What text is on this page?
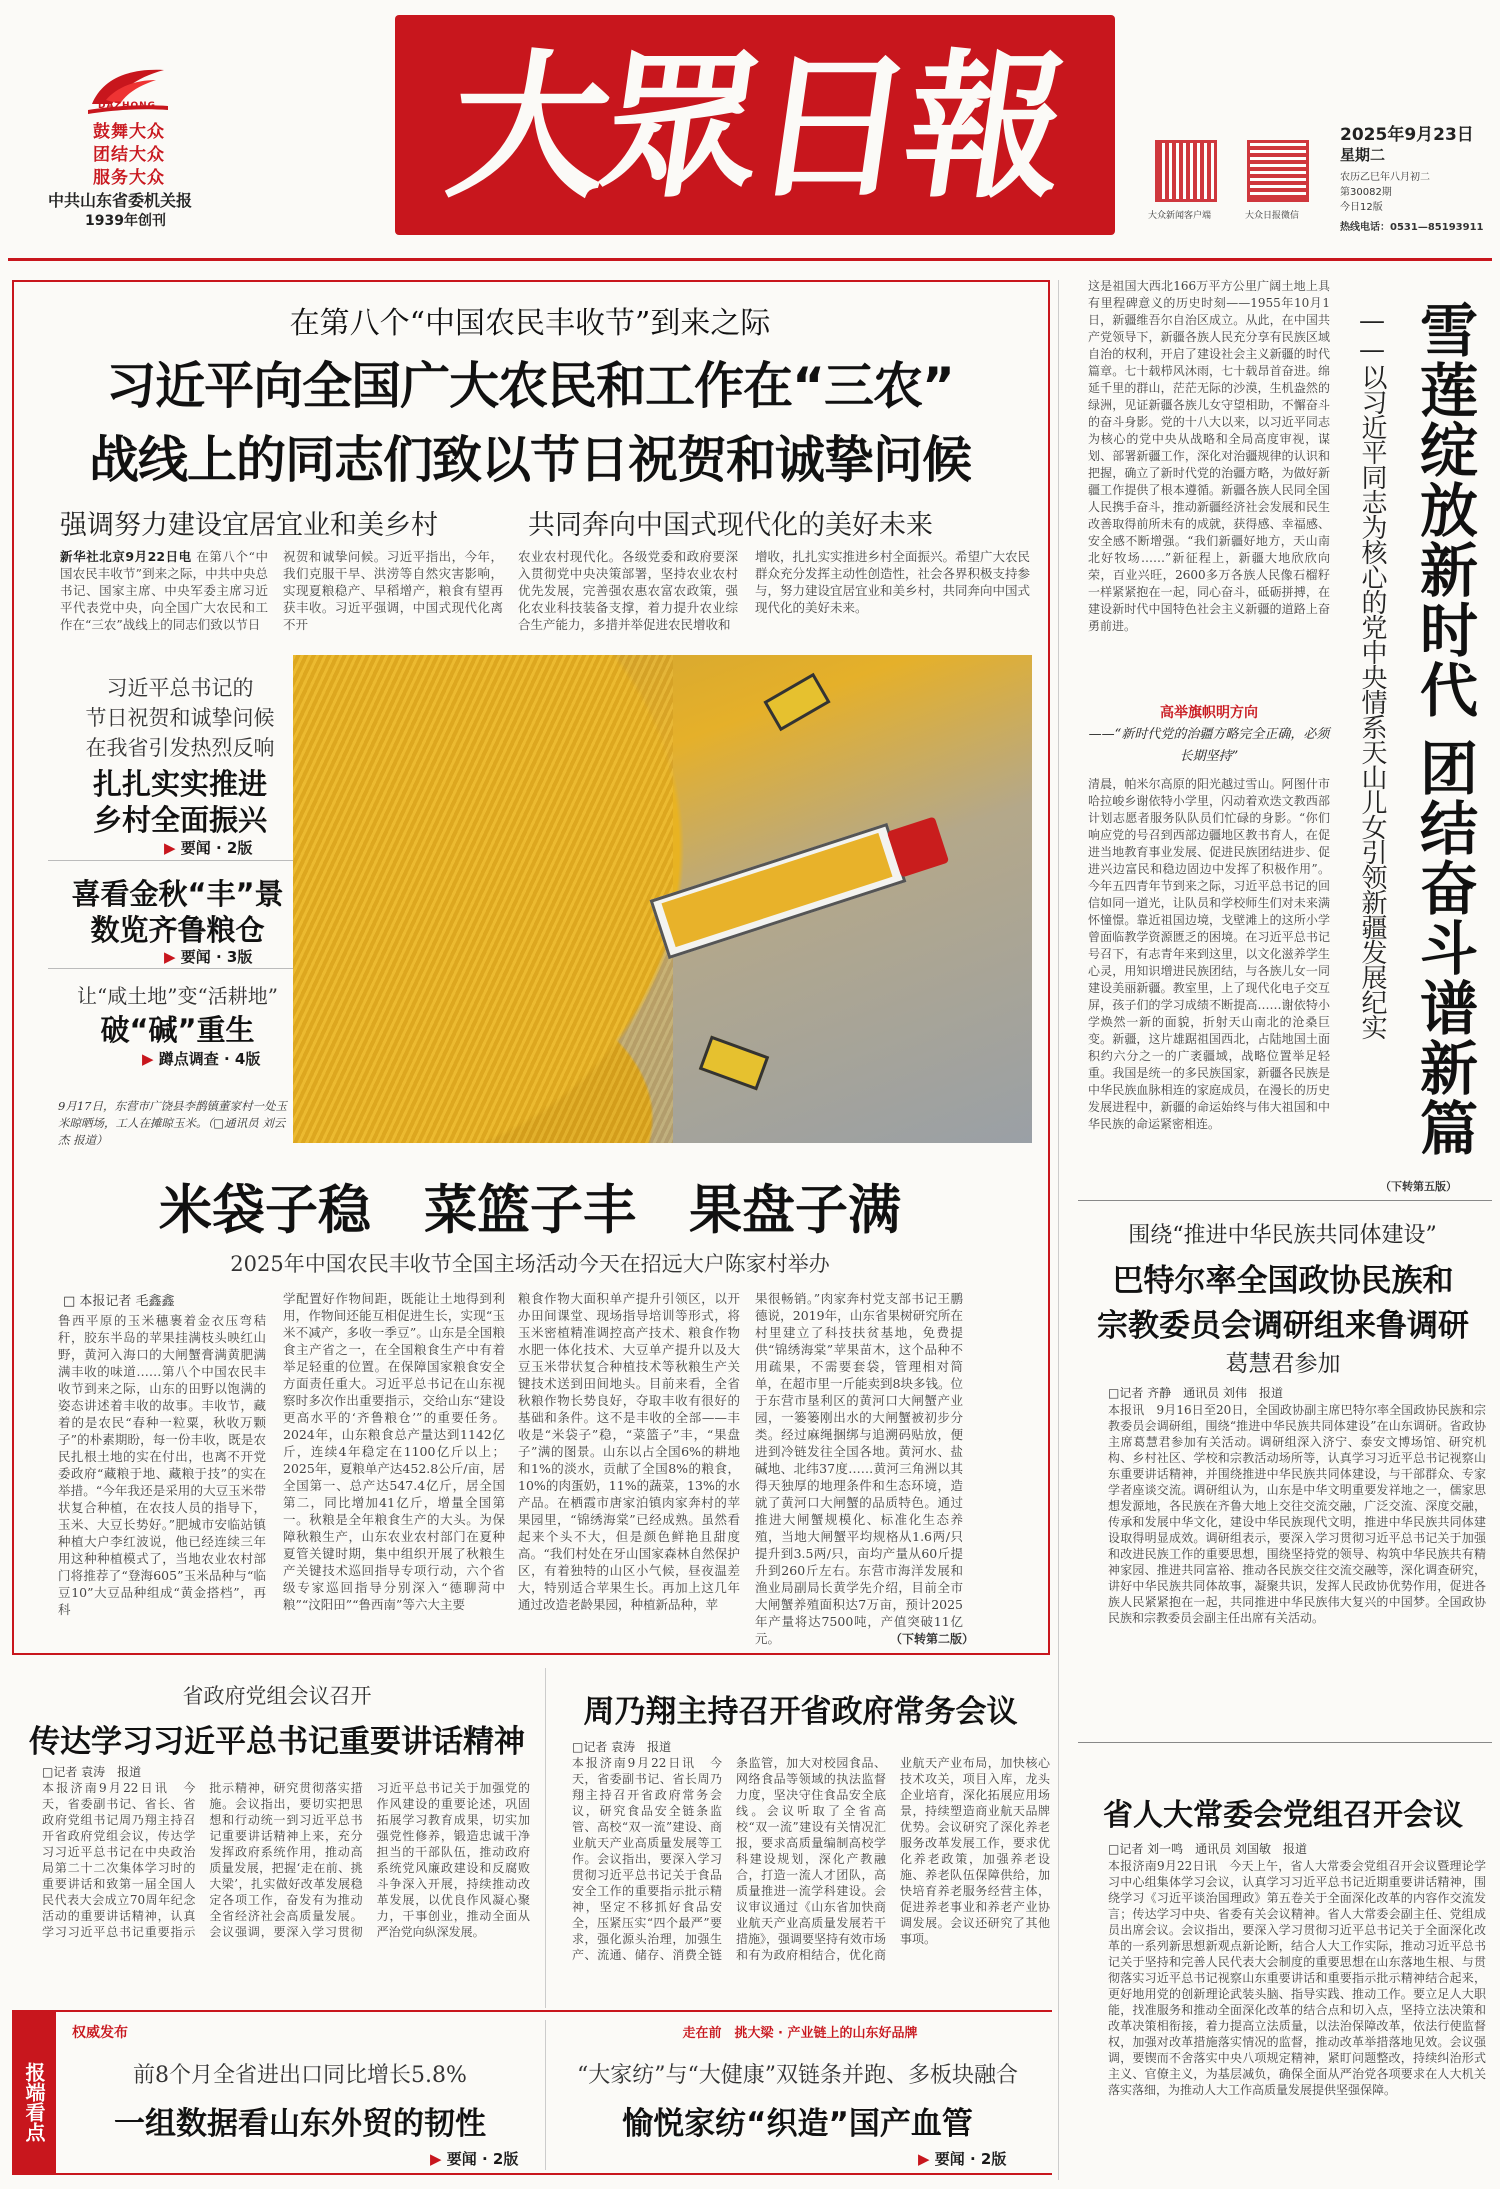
DAZHONG
鼓舞大众
团结大众
服务大众
中共山东省委机关报
1939年创刊
大眾日報	大众新闻客户端	大众日报微信
2025年9月23日
星期二
农历乙巳年八月初二
第30082期
今日12版
热线电话：0531—85193911
在第八个“中国农民丰收节”到来之际
习近平向全国广大农民和工作在“三农”
战线上的同志们致以节日祝贺和诚挚问候
强调努力建设宜居宜业和美乡村	共同奔向中国式现代化的美好未来
新华社北京9月22日电 在第八个“中国农民丰收节”到来之际，中共中央总书记、国家主席、中央军委主席习近平代表党中央，向全国广大农民和工作在“三农”战线上的同志们致以节日
祝贺和诚挚问候。习近平指出，今年，我们克服干旱、洪涝等自然灾害影响，实现夏粮稳产、早稻增产，粮食有望再获丰收。习近平强调，中国式现代化离不开
农业农村现代化。各级党委和政府要深入贯彻党中央决策部署，坚持农业农村优先发展，完善强农惠农富农政策，强化农业科技装备支撑，着力提升农业综合生产能力，多措并举促进农民增收和
增收，扎扎实实推进乡村全面振兴。希望广大农民群众充分发挥主动性创造性，社会各界积极支持参与，努力建设宜居宜业和美乡村，共同奔向中国式现代化的美好未来。
习近平总书记的
节日祝贺和诚挚问候
在我省引发热烈反响
扎扎实实推进
乡村全面振兴
▶ 要闻 · 2版
喜看金秋“丰”景
数览齐鲁粮仓
▶ 要闻 · 3版
让“咸土地”变“活耕地”
破“碱”重生
▶ 蹲点调查 · 4版
9月17日，东营市广饶县李鹊镇董家村一处玉米晾晒场，工人在摊晾玉米。（□通讯员 刘云杰 报道）
米袋子稳　菜篮子丰　果盘子满
2025年中国农民丰收节全国主场活动今天在招远大户陈家村举办
□ 本报记者 毛鑫鑫
鲁西平原的玉米穗裹着金衣压弯秸秆，胶东半岛的苹果挂满枝头映红山野，黄河入海口的大闸蟹膏满黄肥满满丰收的味道……第八个中国农民丰收节到来之际，山东的田野以饱满的姿态讲述着丰收的故事。丰收节，藏着的是农民“春种一粒粟，秋收万颗子”的朴素期盼，每一份丰收，既是农民扎根土地的实在付出，也离不开党委政府“藏粮于地、藏粮于技”的实在举措。“今年我还是采用的大豆玉米带状复合种植，在农技人员的指导下，玉米、大豆长势好。”肥城市安临站镇种植大户李红波说，他已经连续三年用这种种植模式了，当地农业农村部门将推荐了“登海605”玉米品种与“临豆10”大豆品种组成“黄金搭档”，再科
学配置好作物间距，既能让土地得到利用，作物间还能互相促进生长，实现“玉米不减产，多收一季豆”。山东是全国粮食主产省之一，在全国粮食生产中有着举足轻重的位置。在保障国家粮食安全方面责任重大。习近平总书记在山东视察时多次作出重要指示，交给山东“建设更高水平的‘齐鲁粮仓’”的重要任务。2024年，山东粮食总产量达到1142亿斤，连续4年稳定在1100亿斤以上；2025年，夏粮单产达452.8公斤/亩，居全国第一、总产达547.4亿斤，居全国第二，同比增加41亿斤，增量全国第一。秋粮是全年粮食生产的大头。为保障秋粮生产，山东农业农村部门在夏种夏管关键时期，集中组织开展了秋粮生产关键技术巡回指导专项行动，六个省级专家巡回指导分别深入“德聊菏中粮”“汶阳田”“鲁西南”等六大主要
粮食作物大面积单产提升引领区，以开办田间课堂、现场指导培训等形式，将玉米密植精准调控高产技术、粮食作物水肥一体化技术、大豆单产提升以及大豆玉米带状复合种植技术等秋粮生产关键技术送到田间地头。目前来看，全省秋粮作物长势良好，夺取丰收有很好的基础和条件。这不是丰收的全部——丰收是“米袋子”稳，“菜篮子”丰，“果盘子”满的图景。山东以占全国6%的耕地和1%的淡水，贡献了全国8%的粮食，10%的肉蛋奶，11%的蔬菜，13%的水产品。在栖霞市唐家泊镇肉家奔村的苹果园里，“锦绣海棠”已经成熟。虽然看起来个头不大，但是颜色鲜艳且甜度高。“我们村处在牙山国家森林自然保护区，有着独特的山区小气候，昼夜温差大，特别适合苹果生长。再加上这几年通过改造老龄果园，种植新品种，苹
果很畅销。”肉家奔村党支部书记王鹏德说，2019年，山东省果树研究所在村里建立了科技扶贫基地，免费提供“锦绣海棠”苹果苗木，这个品种不用疏果，不需要套袋，管理相对简单，在超市里一斤能卖到8块多钱。位于东营市垦利区的黄河口大闸蟹产业园，一篓篓刚出水的大闸蟹被初步分类。经过麻绳捆绑与追溯码贴放，便进到冷链发往全国各地。黄河水、盐碱地、北纬37度……黄河三角洲以其得天独厚的地理条件和生态环境，造就了黄河口大闸蟹的品质特色。通过推进大闸蟹规模化、标准化生态养殖，当地大闸蟹平均规格从1.6两/只提升到3.5两/只，亩均产量从60斤提升到260斤左右。东营市海洋发展和渔业局副局长黄学先介绍，目前全市大闸蟹养殖面积达7万亩，预计2025年产量将达7500吨，产值突破11亿元。	（下转第二版）
这是祖国大西北166万平方公里广阔土地上具有里程碑意义的历史时刻——1955年10月1日，新疆维吾尔自治区成立。从此，在中国共产党领导下，新疆各族人民充分享有民族区域自治的权利，开启了建设社会主义新疆的时代篇章。七十载栉风沐雨，七十载昂首奋进。绵延千里的群山，茫茫无际的沙漠，生机盎然的绿洲，见证新疆各族儿女守望相助，不懈奋斗的奋斗身影。党的十八大以来，以习近平同志为核心的党中央从战略和全局高度审视，谋划、部署新疆工作，深化对治疆规律的认识和把握，确立了新时代党的治疆方略，为做好新疆工作提供了根本遵循。新疆各族人民同全国人民携手奋斗，推动新疆经济社会发展和民生改善取得前所未有的成就，获得感、幸福感、安全感不断增强。“我们新疆好地方，天山南北好牧场……”新征程上，新疆大地欣欣向荣，百业兴旺，2600多万各族人民像石榴籽一样紧紧抱在一起，同心奋斗，砥砺拼搏，在建设新时代中国特色社会主义新疆的道路上奋勇前进。
高举旗帜明方向
——“新时代党的治疆方略完全正确，必须长期坚持”
清晨，帕米尔高原的阳光越过雪山。阿图什市哈拉峻乡谢依特小学里，闪动着欢迭文教西部计划志愿者服务队队员们忙碌的身影。“你们响应党的号召到西部边疆地区教书育人，在促进当地教育事业发展、促进民族团结进步、促进兴边富民和稳边固边中发挥了积极作用”。今年五四青年节到来之际，习近平总书记的回信如同一道光，让队员和学校师生们对未来满怀憧憬。靠近祖国边境，戈壁滩上的这所小学曾面临教学资源匮乏的困境。在习近平总书记号召下，有志青年来到这里，以文化滋养学生心灵，用知识增进民族团结，与各族儿女一同建设美丽新疆。教室里，上了现代化电子交互屏，孩子们的学习成绩不断提高……谢依特小学焕然一新的面貌，折射天山南北的沧桑巨变。新疆，这片雄踞祖国西北，占陆地国土面积约六分之一的广袤疆域，战略位置举足轻重。我国是统一的多民族国家，新疆各民族是中华民族血脉相连的家庭成员，在漫长的历史发展进程中，新疆的命运始终与伟大祖国和中华民族的命运紧密相连。
（下转第五版）
雪莲绽放新时代
——以习近平同志为核心的党中央情系天山儿女引领新疆发展纪实 团结奋斗谱新篇
围绕“推进中华民族共同体建设”
巴特尔率全国政协民族和
宗教委员会调研组来鲁调研
葛慧君参加
□记者 齐静　通讯员 刘伟　报道
本报讯　9月16日至20日，全国政协副主席巴特尔率全国政协民族和宗教委员会调研组，围绕“推进中华民族共同体建设”在山东调研。省政协主席葛慧君参加有关活动。调研组深入济宁、泰安文博场馆、研究机构、乡村社区、学校和宗教活动场所等，认真学习习近平总书记视察山东重要讲话精神，并围绕推进中华民族共同体建设，与干部群众、专家学者座谈交流。调研组认为，山东是中华文明重要发祥地之一，儒家思想发源地，各民族在齐鲁大地上交往交流交融，广泛交流、深度交融，传承和发展中华文化，建设中华民族现代文明，推进中华民族共同体建设取得明显成效。调研组表示，要深入学习贯彻习近平总书记关于加强和改进民族工作的重要思想，围绕坚持党的领导、构筑中华民族共有精神家园、推进共同富裕、推动各民族交往交流交融等，深化调查研究，讲好中华民族共同体故事，凝聚共识，发挥人民政协优势作用，促进各族人民紧紧抱在一起，共同推进中华民族伟大复兴的中国梦。全国政协民族和宗教委员会副主任出席有关活动。
省人大常委会党组召开会议
□记者 刘一鸣　通讯员 刘国敏　报道
本报济南9月22日讯　今天上午，省人大常委会党组召开会议暨理论学习中心组集体学习会议，认真学习习近平总书记近期重要讲话精神，围绕学习《习近平谈治国理政》第五卷关于全面深化改革的内容作交流发言；传达学习中央、省委有关会议精神。省人大常委会副主任、党组成员出席会议。会议指出，要深入学习贯彻习近平总书记关于全面深化改革的一系列新思想新观点新论断，结合人大工作实际，推动习近平总书记关于坚持和完善人民代表大会制度的重要思想在山东落地生根、与贯彻落实习近平总书记视察山东重要讲话和重要指示批示精神结合起来，更好地用党的创新理论武装头脑、指导实践、推动工作。要立足人大职能，找准服务和推动全面深化改革的结合点和切入点，坚持立法决策和改革决策相衔接，着力提高立法质量，以法治保障改革，依法行使监督权，加强对改革措施落实情况的监督，推动改革举措落地见效。会议强调，要锲而不舍落实中央八项规定精神，紧盯问题整改，持续纠治形式主义、官僚主义，为基层减负，确保全面从严治党各项要求在人大机关落实落细，为推动人大工作高质量发展提供坚强保障。
省政府党组会议召开
传达学习习近平总书记重要讲话精神
□记者 袁涛　报道
本报济南9月22日讯　今天，省委副书记、省长、省政府党组书记周乃翔主持召开省政府党组会议，传达学习习近平总书记在中央政治局第二十二次集体学习时的重要讲话和致第一届全国人民代表大会成立70周年纪念活动的重要讲话精神，认真学习习近平总书记重要指示批示精神，研究贯彻落实措施。会议指出，要切实把思想和行动统一到习近平总书记重要讲话精神上来，充分发挥政府系统作用，推动高质量发展，把握‘走在前、挑大梁’，扎实做好改革发展稳定各项工作，奋发有为推动全省经济社会高质量发展。会议强调，要深入学习贯彻习近平总书记关于加强党的作风建设的重要论述，巩固拓展学习教育成果，切实加强党性修养，锻造忠诚干净担当的干部队伍，推动政府系统党风廉政建设和反腐败斗争深入开展，持续推动改革发展，以优良作风凝心聚力，干事创业，推动全面从严治党向纵深发展。
周乃翔主持召开省政府常务会议
□记者 袁涛　报道
本报济南9月22日讯　今天，省委副书记、省长周乃翔主持召开省政府常务会议，研究食品安全链条监管、高校“双一流”建设、商业航天产业高质量发展等工作。会议指出，要深入学习贯彻习近平总书记关于食品安全工作的重要指示批示精神，坚定不移抓好食品安全，压紧压实“四个最严”要求，强化源头治理，加强生产、流通、储存、消费全链条监管，加大对校园食品、网络食品等领域的执法监督力度，坚决守住食品安全底线。会议听取了全省高校“双一流”建设有关情况汇报，要求高质量编制高校学科建设规划，深化产教融合，打造一流人才团队，高质量推进一流学科建设。会议审议通过《山东省加快商业航天产业高质量发展若干措施》，强调要坚持有效市场和有为政府相结合，优化商业航天产业布局，加快核心技术攻关，项目入库，龙头企业培育，深化拓展应用场景，持续塑造商业航天品牌优势。会议研究了深化养老服务改革发展工作，要求优化养老政策，加强养老设施、养老队伍保障供给，加快培育养老服务经营主体，促进养老事业和养老产业协调发展。会议还研究了其他事项。
报端看点
权威发布
前8个月全省进出口同比增长5.8%
一组数据看山东外贸的韧性
▶ 要闻 · 2版
走在前　挑大梁 · 产业链上的山东好品牌
“大家纺”与“大健康”双链条并跑、多板块融合
愉悦家纺“织造”国产血管
▶ 要闻 · 2版
